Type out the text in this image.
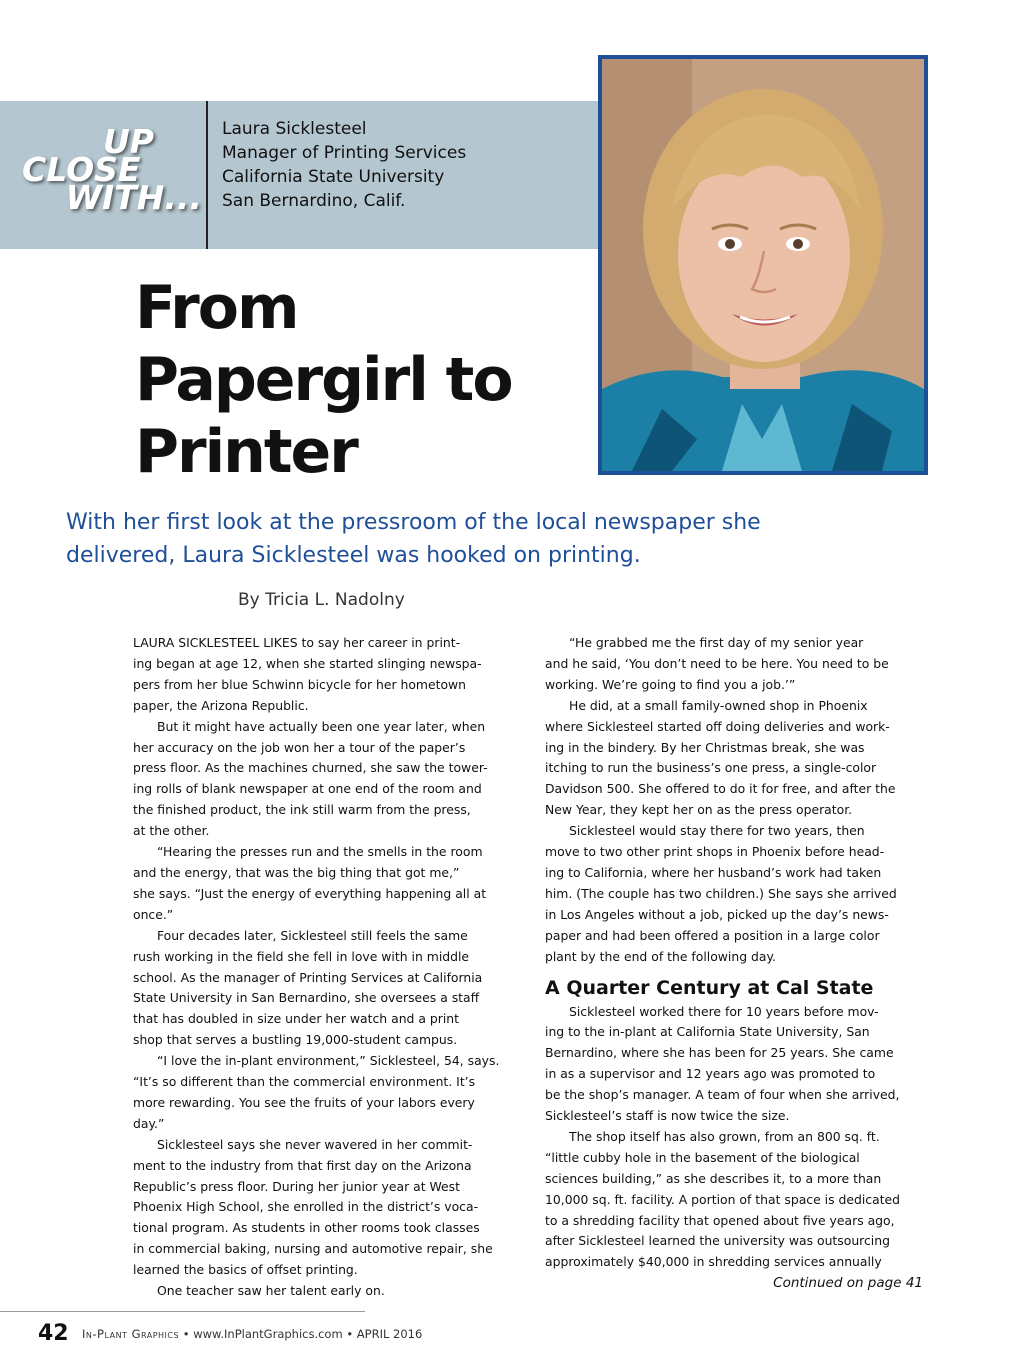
UP
CLOSE
WITH...
Laura Sicklesteel
Manager of Printing Services
California State University
San Bernardino, Calif.
From
Papergirl to
Printer
With her first look at the pressroom of the local newspaper she
delivered, Laura Sicklesteel was hooked on printing.
By Tricia L. Nadolny
LAURA SICKLESTEEL LIKES to say her career in print-
ing began at age 12, when she started slinging newspa-
pers from her blue Schwinn bicycle for her hometown
paper, the Arizona Republic.
But it might have actually been one year later, when
her accuracy on the job won her a tour of the paper’s
press floor. As the machines churned, she saw the tower-
ing rolls of blank newspaper at one end of the room and
the finished product, the ink still warm from the press,
at the other.
“Hearing the presses run and the smells in the room
and the energy, that was the big thing that got me,”
she says. “Just the energy of everything happening all at
once.”
Four decades later, Sicklesteel still feels the same
rush working in the field she fell in love with in middle
school. As the manager of Printing Services at California
State University in San Bernardino, she oversees a staff
that has doubled in size under her watch and a print
shop that serves a bustling 19,000-student campus.
“I love the in-plant environment,” Sicklesteel, 54, says.
“It’s so different than the commercial environment. It’s
more rewarding. You see the fruits of your labors every
day.”
Sicklesteel says she never wavered in her commit-
ment to the industry from that first day on the Arizona
Republic’s press floor. During her junior year at West
Phoenix High School, she enrolled in the district’s voca-
tional program. As students in other rooms took classes
in commercial baking, nursing and automotive repair, she
learned the basics of offset printing.
One teacher saw her talent early on.
“He grabbed me the first day of my senior year
and he said, ‘You don’t need to be here. You need to be
working. We’re going to find you a job.’”
He did, at a small family-owned shop in Phoenix
where Sicklesteel started off doing deliveries and work-
ing in the bindery. By her Christmas break, she was
itching to run the business’s one press, a single-color
Davidson 500. She offered to do it for free, and after the
New Year, they kept her on as the press operator.
Sicklesteel would stay there for two years, then
move to two other print shops in Phoenix before head-
ing to California, where her husband’s work had taken
him. (The couple has two children.) She says she arrived
in Los Angeles without a job, picked up the day’s news-
paper and had been offered a position in a large color
plant by the end of the following day.
A Quarter Century at Cal State
Sicklesteel worked there for 10 years before mov-
ing to the in-plant at California State University, San
Bernardino, where she has been for 25 years. She came
in as a supervisor and 12 years ago was promoted to
be the shop’s manager. A team of four when she arrived,
Sicklesteel’s staff is now twice the size.
The shop itself has also grown, from an 800 sq. ft.
“little cubby hole in the basement of the biological
sciences building,” as she describes it, to a more than
10,000 sq. ft. facility. A portion of that space is dedicated
to a shredding facility that opened about five years ago,
after Sicklesteel learned the university was outsourcing
approximately $40,000 in shredding services annually
Continued on page 41
42 In-Plant Graphics • www.InPlantGraphics.com • APRIL 2016
